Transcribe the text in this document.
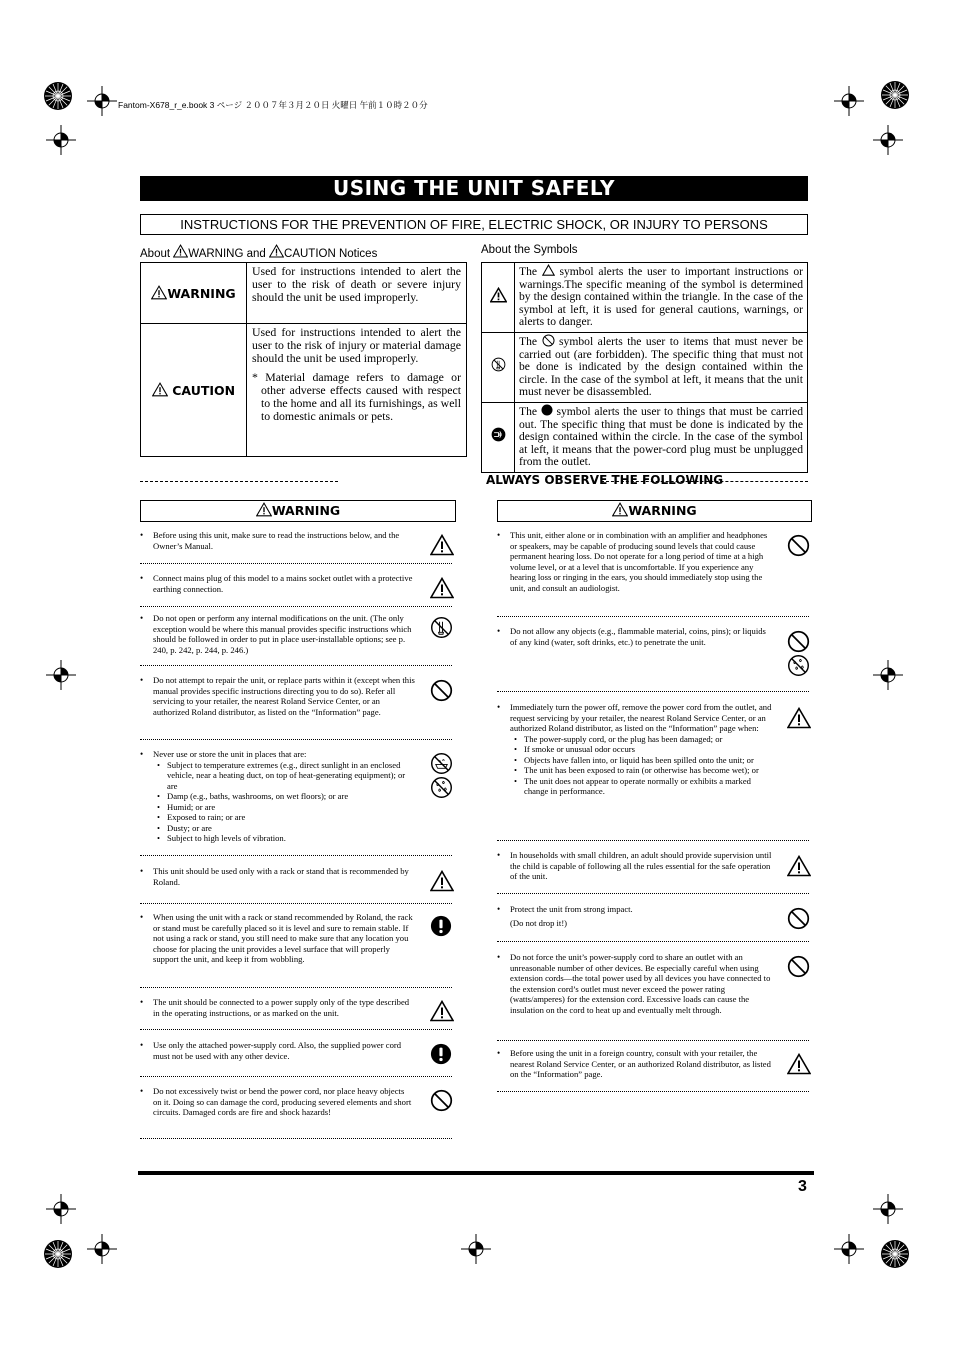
Fantom-X678_r_e.book 3 ページ ２００７年３月２０日 火曜日 午前１０時２０分
USING THE UNIT SAFELY
INSTRUCTIONS FOR THE PREVENTION OF FIRE, ELECTRIC SHOCK, OR INJURY TO PERSONS
About WARNING and CAUTION Notices
WARNING	Used for instructions intended to alert the user to the risk of death or severe injury should the unit be used improperly.
CAUTION	Used for instructions intended to alert the user to the risk of injury or material damage should the unit be used improperly.
* Material damage refers to damage or other adverse effects caused with respect to the home and all its furnishings, as well to domestic animals or pets.
About the Symbols
	The symbol alerts the user to important instructions or warnings.The specific meaning of the symbol is determined by the design contained within the triangle. In the case of the symbol at left, it is used for general cautions, warnings, or alerts to danger.
	The symbol alerts the user to items that must never be carried out (are forbidden). The specific thing that must not be done is indicated by the design contained within the circle. In the case of the symbol at left, it means that the unit must never be disassembled.
	The symbol alerts the user to things that must be carried out. The specific thing that must be done is indicated by the design contained within the circle. In the case of the symbol at left, it means that the power-cord plug must be unplugged from the outlet.
ALWAYS OBSERVE THE FOLLOWING
WARNING	WARNING
• Before using this unit, make sure to read the instructions below, and the Owner’s Manual.
• Connect mains plug of this model to a mains socket outlet with a protective earthing connection.
• Do not open or perform any internal modifications on the unit. (The only exception would be where this manual provides specific instructions which should be followed in order to put in place user-installable options; see p. 240, p. 242, p. 244, p. 246.)
• Do not attempt to repair the unit, or replace parts within it (except when this manual provides specific instructions directing you to do so). Refer all servicing to your retailer, the nearest Roland Service Center, or an authorized Roland distributor, as listed on the “Information” page.
• Never use or store the unit in places that are:
• Subject to temperature extremes (e.g., direct sunlight in an enclosed vehicle, near a heating duct, on top of heat-generating equipment); or are
• Damp (e.g., baths, washrooms, on wet floors); or are
• Humid; or are
• Exposed to rain; or are
• Dusty; or are
• Subject to high levels of vibration.
• This unit should be used only with a rack or stand that is recommended by Roland.
• When using the unit with a rack or stand recommended by Roland, the rack or stand must be carefully placed so it is level and sure to remain stable. If not using a rack or stand, you still need to make sure that any location you choose for placing the unit provides a level surface that will properly support the unit, and keep it from wobbling.
• The unit should be connected to a power supply only of the type described in the operating instructions, or as marked on the unit.
• Use only the attached power-supply cord. Also, the supplied power cord must not be used with any other device.
• Do not excessively twist or bend the power cord, nor place heavy objects on it. Doing so can damage the cord, producing severed elements and short circuits. Damaged cords are fire and shock hazards!
• This unit, either alone or in combination with an amplifier and headphones or speakers, may be capable of producing sound levels that could cause permanent hearing loss. Do not operate for a long period of time at a high volume level, or at a level that is uncomfortable. If you experience any hearing loss or ringing in the ears, you should immediately stop using the unit, and consult an audiologist.
• Do not allow any objects (e.g., flammable material, coins, pins); or liquids of any kind (water, soft drinks, etc.) to penetrate the unit.
• Immediately turn the power off, remove the power cord from the outlet, and request servicing by your retailer, the nearest Roland Service Center, or an authorized Roland distributor, as listed on the “Information” page when:
• The power-supply cord, or the plug has been damaged; or
• If smoke or unusual odor occurs
• Objects have fallen into, or liquid has been spilled onto the unit; or
• The unit has been exposed to rain (or otherwise has become wet); or
• The unit does not appear to operate normally or exhibits a marked change in performance.
• In households with small children, an adult should provide supervision until the child is capable of following all the rules essential for the safe operation of the unit.
• Protect the unit from strong impact.
(Do not drop it!)
• Do not force the unit’s power-supply cord to share an outlet with an unreasonable number of other devices. Be especially careful when using extension cords—the total power used by all devices you have connected to the extension cord’s outlet must never exceed the power rating (watts/amperes) for the extension cord. Excessive loads can cause the insulation on the cord to heat up and eventually melt through.
• Before using the unit in a foreign country, consult with your retailer, the nearest Roland Service Center, or an authorized Roland distributor, as listed on the “Information” page.
3
